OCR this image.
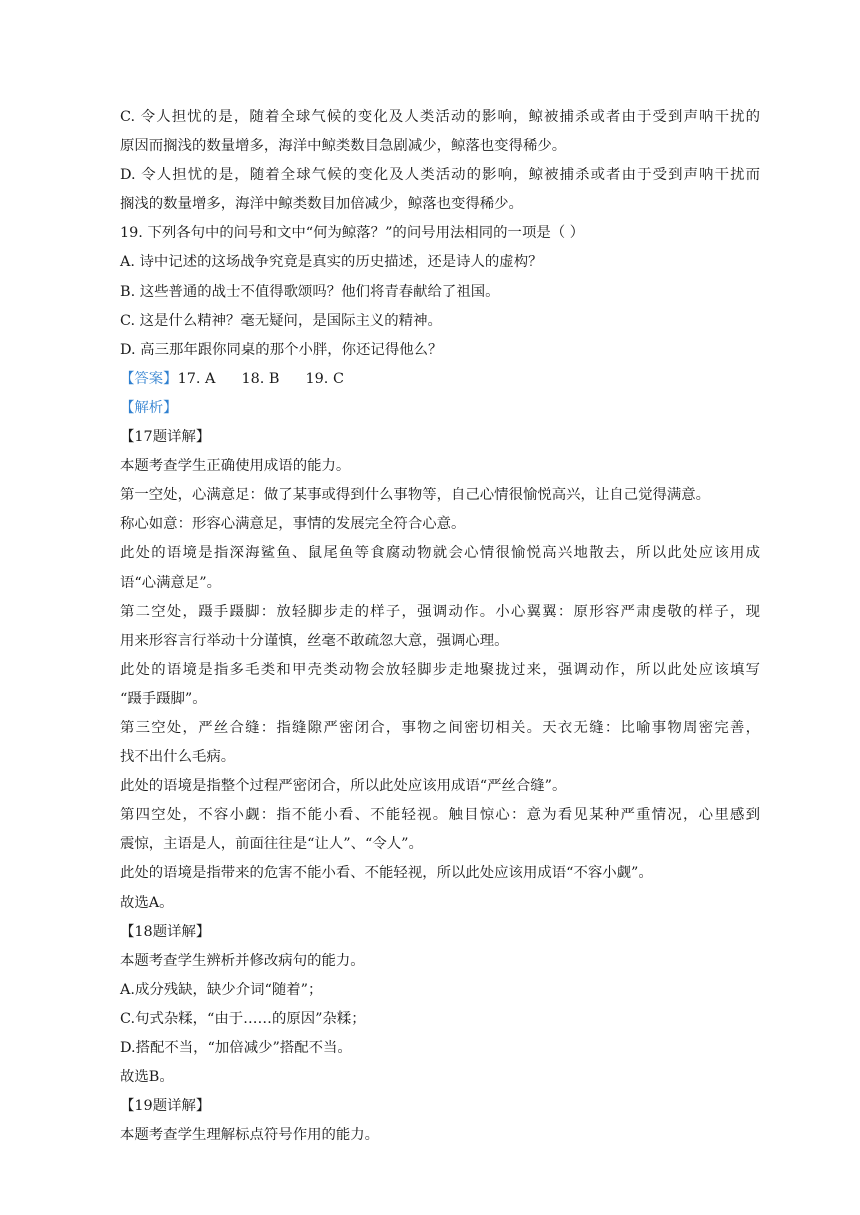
C. 令人担忧的是，随着全球气候的变化及人类活动的影响，鲸被捕杀或者由于受到声呐干扰的
原因而搁浅的数量增多，海洋中鲸类数目急剧减少，鲸落也变得稀少。
D. 令人担忧的是，随着全球气候的变化及人类活动的影响，鲸被捕杀或者由于受到声呐干扰而
搁浅的数量增多，海洋中鲸类数目加倍减少，鲸落也变得稀少。
19. 下列各句中的问号和文中“何为鲸落？”的问号用法相同的一项是（ ）
A. 诗中记述的这场战争究竟是真实的历史描述，还是诗人的虚构？
B. 这些普通的战士不值得歌颂吗？他们将青春献给了祖国。
C. 这是什么精神？毫无疑问，是国际主义的精神。
D. 高三那年跟你同桌的那个小胖，你还记得他么？
【答案】17. A 18. B 19. C
【解析】
【17题详解】
本题考查学生正确使用成语的能力。
第一空处，心满意足：做了某事或得到什么事物等，自己心情很愉悦高兴，让自己觉得满意。
称心如意：形容心满意足，事情的发展完全符合心意。
此处的语境是指深海鲨鱼、鼠尾鱼等食腐动物就会心情很愉悦高兴地散去，所以此处应该用成
语“心满意足”。
第二空处，蹑手蹑脚：放轻脚步走的样子，强调动作。小心翼翼：原形容严肃虔敬的样子，现
用来形容言行举动十分谨慎，丝毫不敢疏忽大意，强调心理。
此处的语境是指多毛类和甲壳类动物会放轻脚步走地聚拢过来，强调动作，所以此处应该填写
“蹑手蹑脚”。
第三空处，严丝合缝：指缝隙严密闭合，事物之间密切相关。天衣无缝：比喻事物周密完善，
找不出什么毛病。
此处的语境是指整个过程严密闭合，所以此处应该用成语“严丝合缝”。
第四空处，不容小觑：指不能小看、不能轻视。触目惊心：意为看见某种严重情况，心里感到
震惊，主语是人，前面往往是“让人”、“令人”。
此处的语境是指带来的危害不能小看、不能轻视，所以此处应该用成语“不容小觑”。
故选A。
【18题详解】
本题考查学生辨析并修改病句的能力。
A.成分残缺，缺少介词“随着”；
C.句式杂糅，“由于……的原因”杂糅；
D.搭配不当，“加倍减少”搭配不当。
故选B。
【19题详解】
本题考查学生理解标点符号作用的能力。
